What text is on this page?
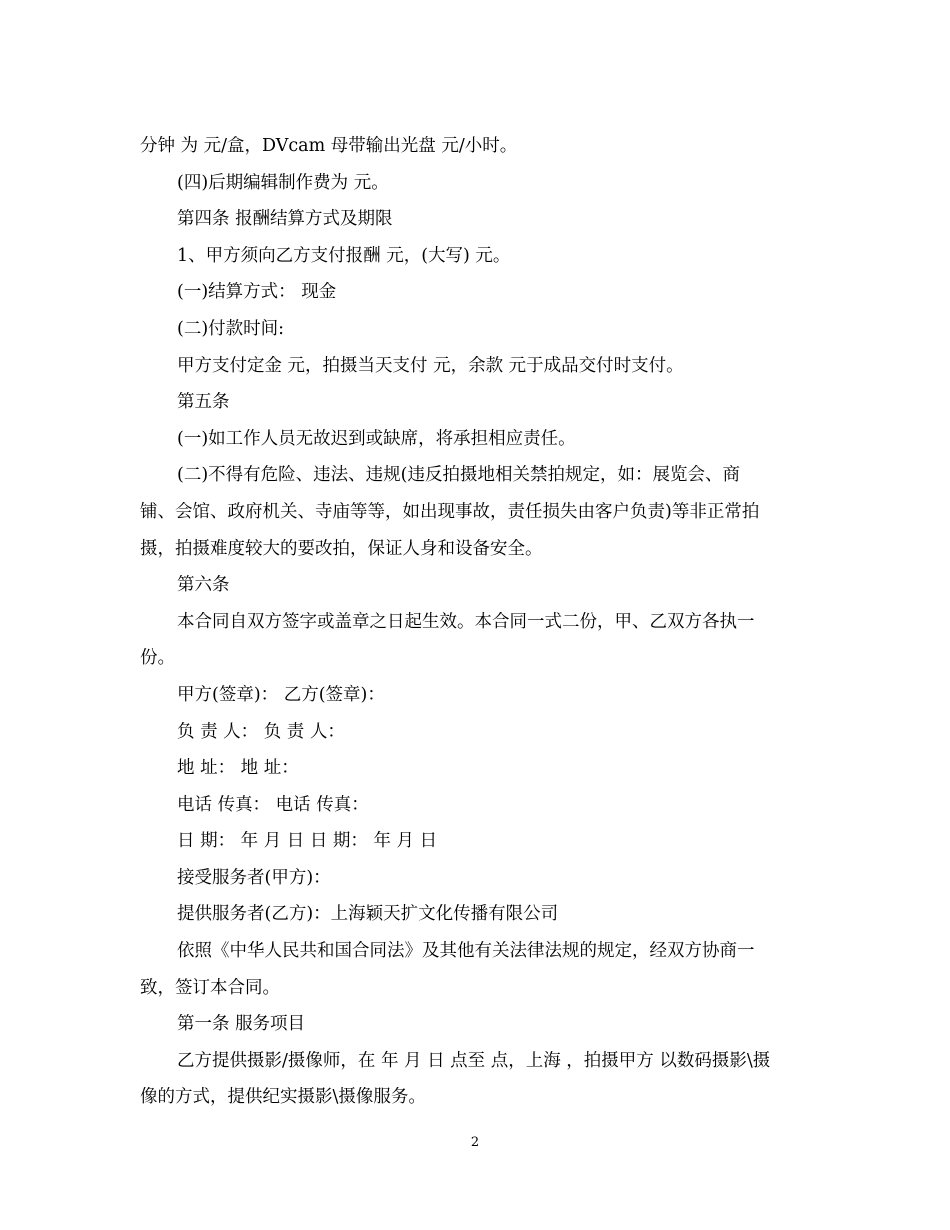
分钟 为 元/盒，DVcam 母带输出光盘 元/小时。
(四)后期编辑制作费为 元。
第四条 报酬结算方式及期限
1、甲方须向乙方支付报酬 元，(大写) 元。
(一)结算方式： 现金
(二)付款时间:
甲方支付定金 元，拍摄当天支付 元，余款 元于成品交付时支付。
第五条
(一)如工作人员无故迟到或缺席，将承担相应责任。
(二)不得有危险、违法、违规(违反拍摄地相关禁拍规定，如：展览会、商
铺、会馆、政府机关、寺庙等等，如出现事故，责任损失由客户负责)等非正常拍
摄，拍摄难度较大的要改拍，保证人身和设备安全。
第六条
本合同自双方签字或盖章之日起生效。本合同一式二份，甲、乙双方各执一
份。
甲方(签章)： 乙方(签章)：
负 责 人： 负 责 人：
地 址： 地 址：
电话 传真： 电话 传真：
日 期： 年 月 日 日 期： 年 月 日
接受服务者(甲方)：
提供服务者(乙方)：上海颖天扩文化传播有限公司
依照《中华人民共和国合同法》及其他有关法律法规的规定，经双方协商一
致，签订本合同。
第一条 服务项目
乙方提供摄影/摄像师，在 年 月 日 点至 点，上海 ，拍摄甲方 以数码摄影\摄
像的方式，提供纪实摄影\摄像服务。
2
